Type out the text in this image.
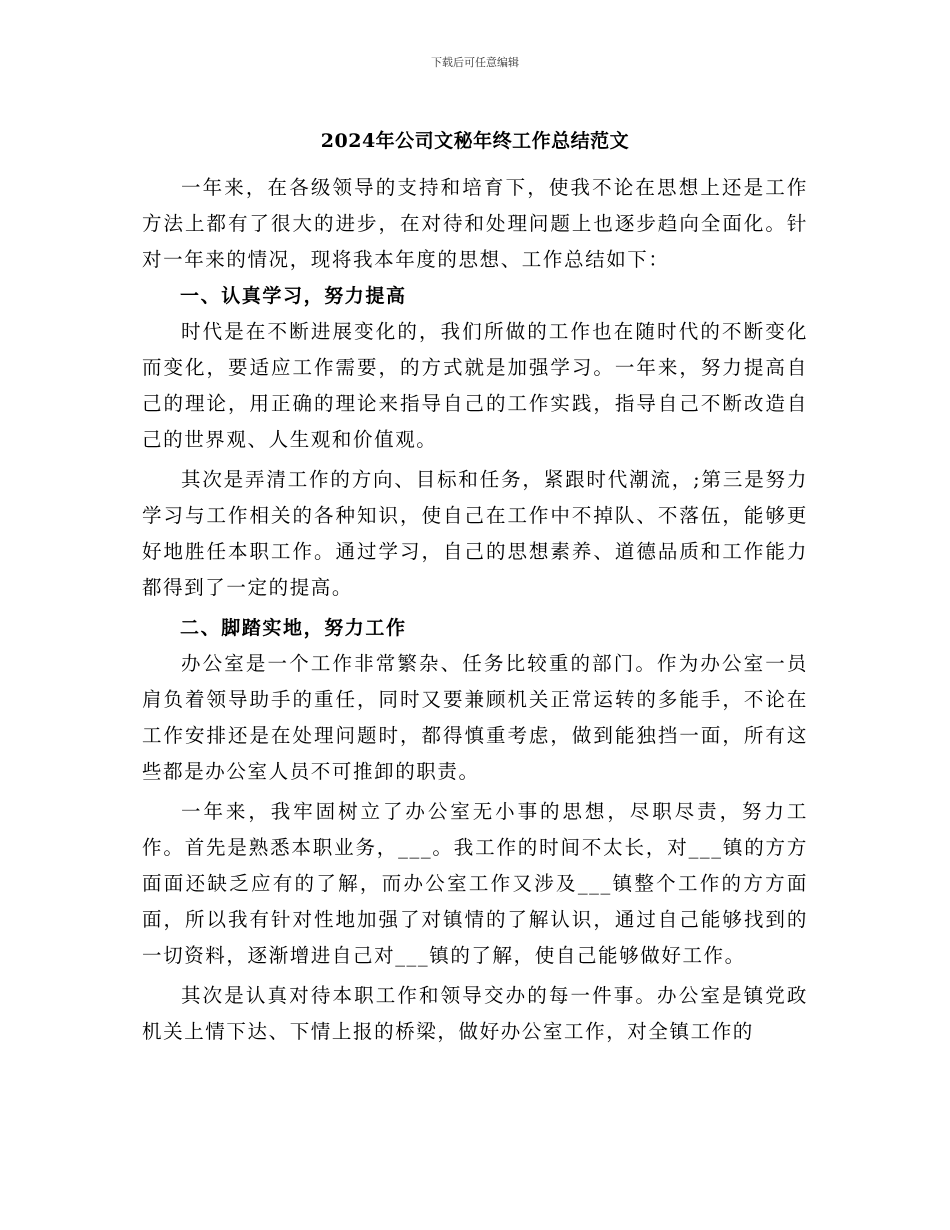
下载后可任意编辑
2024年公司文秘年终工作总结范文

一年来，在各级领导的支持和培育下，使我不论在思想上还是工作方法上都有了很大的进步，在对待和处理问题上也逐步趋向全面化。针对一年来的情况，现将我本年度的思想、工作总结如下：

一、认真学习，努力提高

时代是在不断进展变化的，我们所做的工作也在随时代的不断变化而变化，要适应工作需要，的方式就是加强学习。一年来，努力提高自己的理论，用正确的理论来指导自己的工作实践，指导自己不断改造自己的世界观、人生观和价值观。

其次是弄清工作的方向、目标和任务，紧跟时代潮流，;第三是努力学习与工作相关的各种知识，使自己在工作中不掉队、不落伍，能够更好地胜任本职工作。通过学习，自己的思想素养、道德品质和工作能力都得到了一定的提高。

二、脚踏实地，努力工作

办公室是一个工作非常繁杂、任务比较重的部门。作为办公室一员肩负着领导助手的重任，同时又要兼顾机关正常运转的多能手，不论在工作安排还是在处理问题时，都得慎重考虑，做到能独挡一面，所有这些都是办公室人员不可推卸的职责。

一年来，我牢固树立了办公室无小事的思想，尽职尽责，努力工作。首先是熟悉本职业务，___。我工作的时间不太长，对___镇的方方面面还缺乏应有的了解，而办公室工作又涉及___镇整个工作的方方面面，所以我有针对性地加强了对镇情的了解认识，通过自己能够找到的一切资料，逐渐增进自己对___镇的了解，使自己能够做好工作。

其次是认真对待本职工作和领导交办的每一件事。办公室是镇党政机关上情下达、下情上报的桥梁，做好办公室工作，对全镇工作的
